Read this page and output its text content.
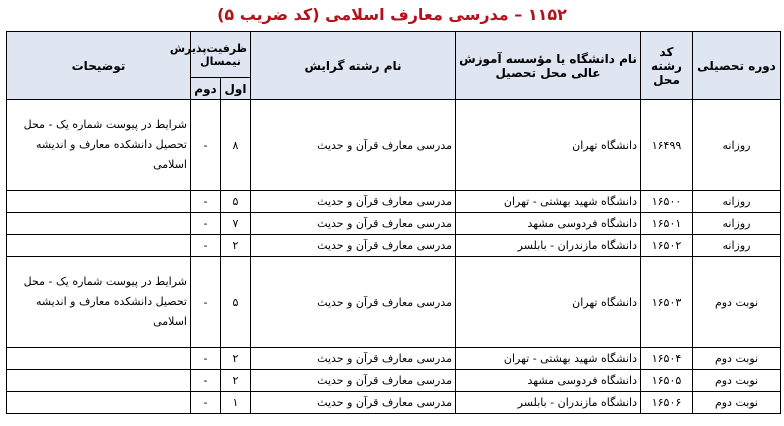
۱۱۵۲ – مدرسی معارف اسلامی (کد ضریب ۵)
دوره تحصیلی	کد رشته محل	نام دانشگاه یا مؤسسه آموزش عالی محل تحصیل	نام رشته گرایش	ظرفیت‌پذیرش نیمسال		توضیحات
				اول	دوم	
روزانه	۱۶۴۹۹	دانشگاه تهران	مدرسی معارف قرآن و حدیث	۸	-	شرایط در پیوست شماره یک - محل تحصیل دانشکده معارف و اندیشه اسلامی
روزانه	۱۶۵۰۰	دانشگاه شهید بهشتی - تهران	مدرسی معارف قرآن و حدیث	۵	-	
روزانه	۱۶۵۰۱	دانشگاه فردوسی مشهد	مدرسی معارف قرآن و حدیث	۷	-	
روزانه	۱۶۵۰۲	دانشگاه مازندران - بابلسر	مدرسی معارف قرآن و حدیث	۲	-	
نوبت دوم	۱۶۵۰۳	دانشگاه تهران	مدرسی معارف قرآن و حدیث	۵	-	شرایط در پیوست شماره یک - محل تحصیل دانشکده معارف و اندیشه اسلامی
نوبت دوم	۱۶۵۰۴	دانشگاه شهید بهشتی - تهران	مدرسی معارف قرآن و حدیث	۲	-	
نوبت دوم	۱۶۵۰۵	دانشگاه فردوسی مشهد	مدرسی معارف قرآن و حدیث	۲	-	
نوبت دوم	۱۶۵۰۶	دانشگاه مازندران - بابلسر	مدرسی معارف قرآن و حدیث	۱	-	
